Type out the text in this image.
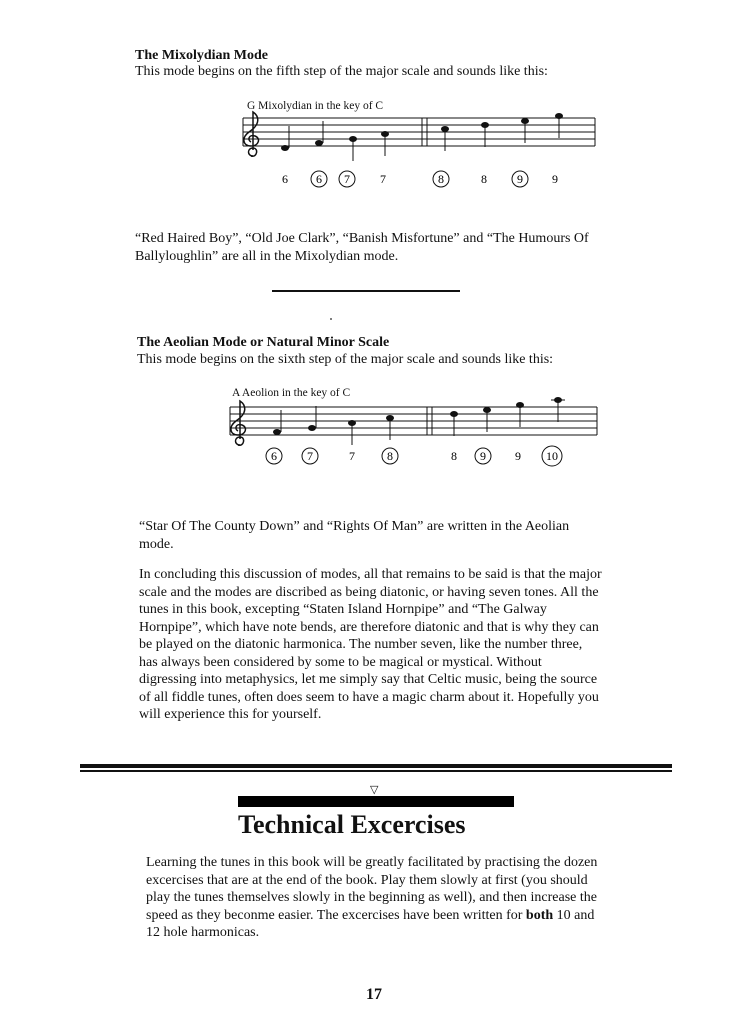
The Mixolydian Mode
This mode begins on the fifth step of the major scale and sounds like this:
G Mixolydian in the key of C
6 6 7	7	8	8	9 9
“Red Haired Boy”, “Old Joe Clark”, “Banish Misfortune” and “The Humours Of Ballyloughlin” are all in the Mixolydian mode.
The Aeolian Mode or Natural Minor Scale
This mode begins on the sixth step of the major scale and sounds like this:
A Aeolion in the key of C
6	7	7	8	8 9 9 10
“Star Of The County Down” and “Rights Of Man” are written in the Aeolian mode.
In concluding this discussion of modes, all that remains to be said is that the major scale and the modes are discribed as being diatonic, or having seven tones. All the tunes in this book, excepting “Staten Island Hornpipe” and “The Galway Hornpipe”, which have note bends, are therefore diatonic and that is why they can be played on the diatonic harmonica. The number seven, like the number three, has always been considered by some to be magical or mystical. Without digressing into metaphysics, let me simply say that Celtic music, being the source of all fiddle tunes, often does seem to have a magic charm about it. Hopefully you will experience this for yourself.
▽
Technical Excercises
Learning the tunes in this book will be greatly facilitated by practising the dozen excercises that are at the end of the book. Play them slowly at first (you should play the tunes themselves slowly in the beginning as well), and then increase the speed as they beconme easier. The excercises have been written for both 10 and 12 hole harmonicas.
17
